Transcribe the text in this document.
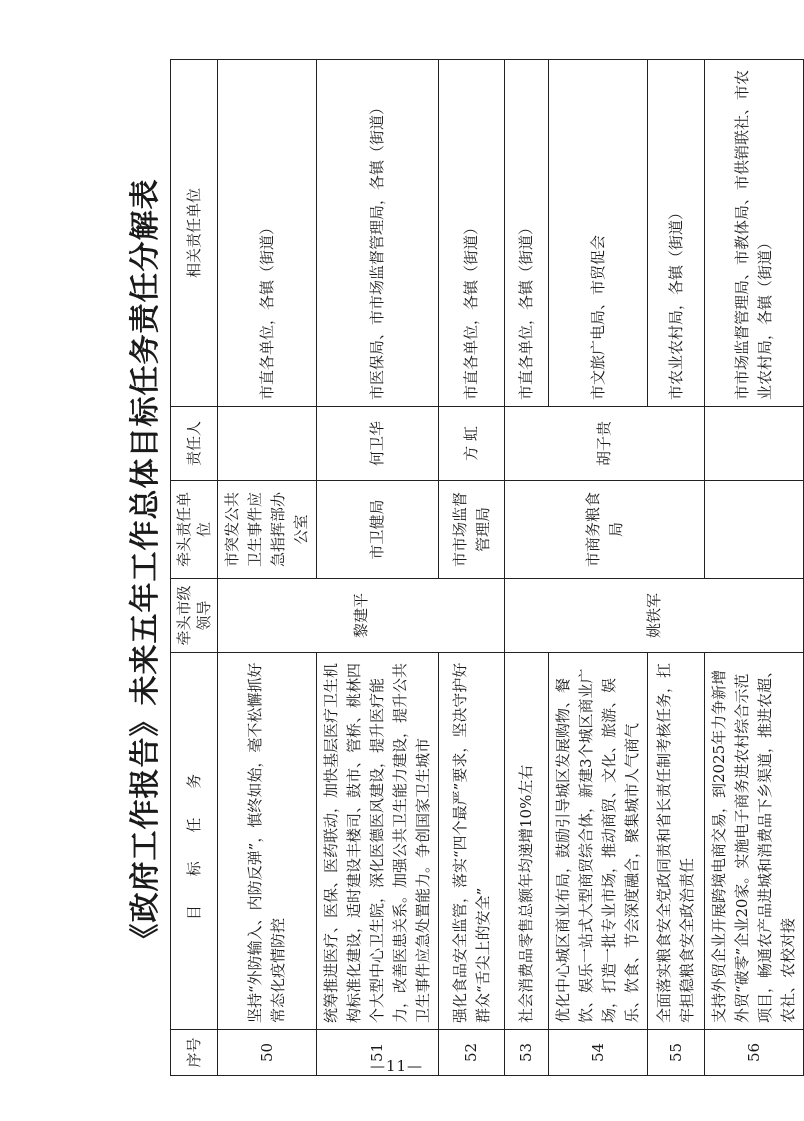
《政府工作报告》未来五年工作总体目标任务责任分解表
序号	目 标 任 务	牵头市级领导	牵头责任单位	责任人	相关责任单位
50	坚持“外防输入、内防反弹”，慎终如始，毫不松懈抓好常态化疫情防控	黎建平	市突发公共卫生事件应急指挥部办公室		市直各单位，各镇（街道）
51	统筹推进医疗、医保、医药联动，加快基层医疗卫生机构标准化建设，适时建设丰楼司、鼓市、管桥、桃林四个大型中心卫生院，深化医德医风建设，提升医疗能力，改善医患关系。加强公共卫生能力建设，提升公共卫生事件应急处置能力。争创国家卫生城市		市卫健局	何卫华	市医保局、市市场监督管理局，各镇（街道）
52	强化食品安全监管，落实“四个最严”要求，坚决守护好群众“舌尖上的安全”		市市场监督管理局	方 虹	市直各单位，各镇（街道）
53	社会消费品零售总额年均递增10%左右	姚铁军	市商务粮食局	胡子贵	市直各单位，各镇（街道）
54	优化中心城区商业布局，鼓励引导城区发展购物、餐饮、娱乐一站式大型商贸综合体，新建3个城区商业广场，打造一批专业市场，推动商贸、文化、旅游、娱乐、饮食、节会深度融合，聚集城市人气商气				市文旅广电局、市贸促会
55	全面落实粮食安全党政同责和省长责任制考核任务，扛牢担稳粮食安全政治责任				市农业农村局，各镇（街道）
56	支持外贸企业开展跨境电商交易，到2025年力争新增外贸“破零”企业20家。实施电子商务进农村综合示范项目，畅通农产品进城和消费品下乡渠道，推进农超、农社、农校对接				市市场监督管理局、市教体局、市供销联社、市农业农村局，各镇（街道）
—11—
